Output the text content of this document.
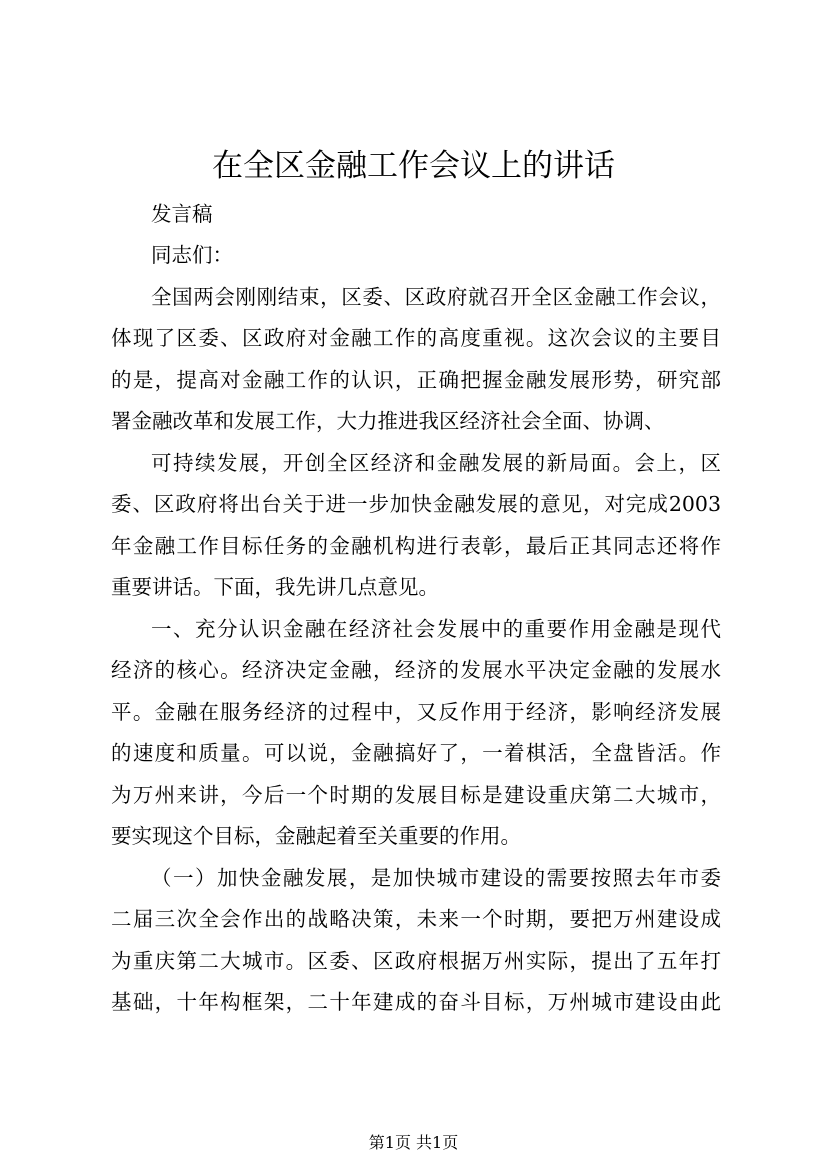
在全区金融工作会议上的讲话

发言稿

同志们：

全国两会刚刚结束，区委、区政府就召开全区金融工作会议，

体现了区委、区政府对金融工作的高度重视。这次会议的主要目

的是，提高对金融工作的认识，正确把握金融发展形势，研究部

署金融改革和发展工作，大力推进我区经济社会全面、协调、

可持续发展，开创全区经济和金融发展的新局面。会上，区

委、区政府将出台关于进一步加快金融发展的意见，对完成2003

年金融工作目标任务的金融机构进行表彰，最后正其同志还将作

重要讲话。下面，我先讲几点意见。

一、充分认识金融在经济社会发展中的重要作用金融是现代

经济的核心。经济决定金融，经济的发展水平决定金融的发展水

平。金融在服务经济的过程中，又反作用于经济，影响经济发展

的速度和质量。可以说，金融搞好了，一着棋活，全盘皆活。作

为万州来讲，今后一个时期的发展目标是建设重庆第二大城市，

要实现这个目标，金融起着至关重要的作用。

（一）加快金融发展，是加快城市建设的需要按照去年市委

二届三次全会作出的战略决策，未来一个时期，要把万州建设成

为重庆第二大城市。区委、区政府根据万州实际，提出了五年打

基础，十年构框架，二十年建成的奋斗目标，万州城市建设由此

第1页 共1页
